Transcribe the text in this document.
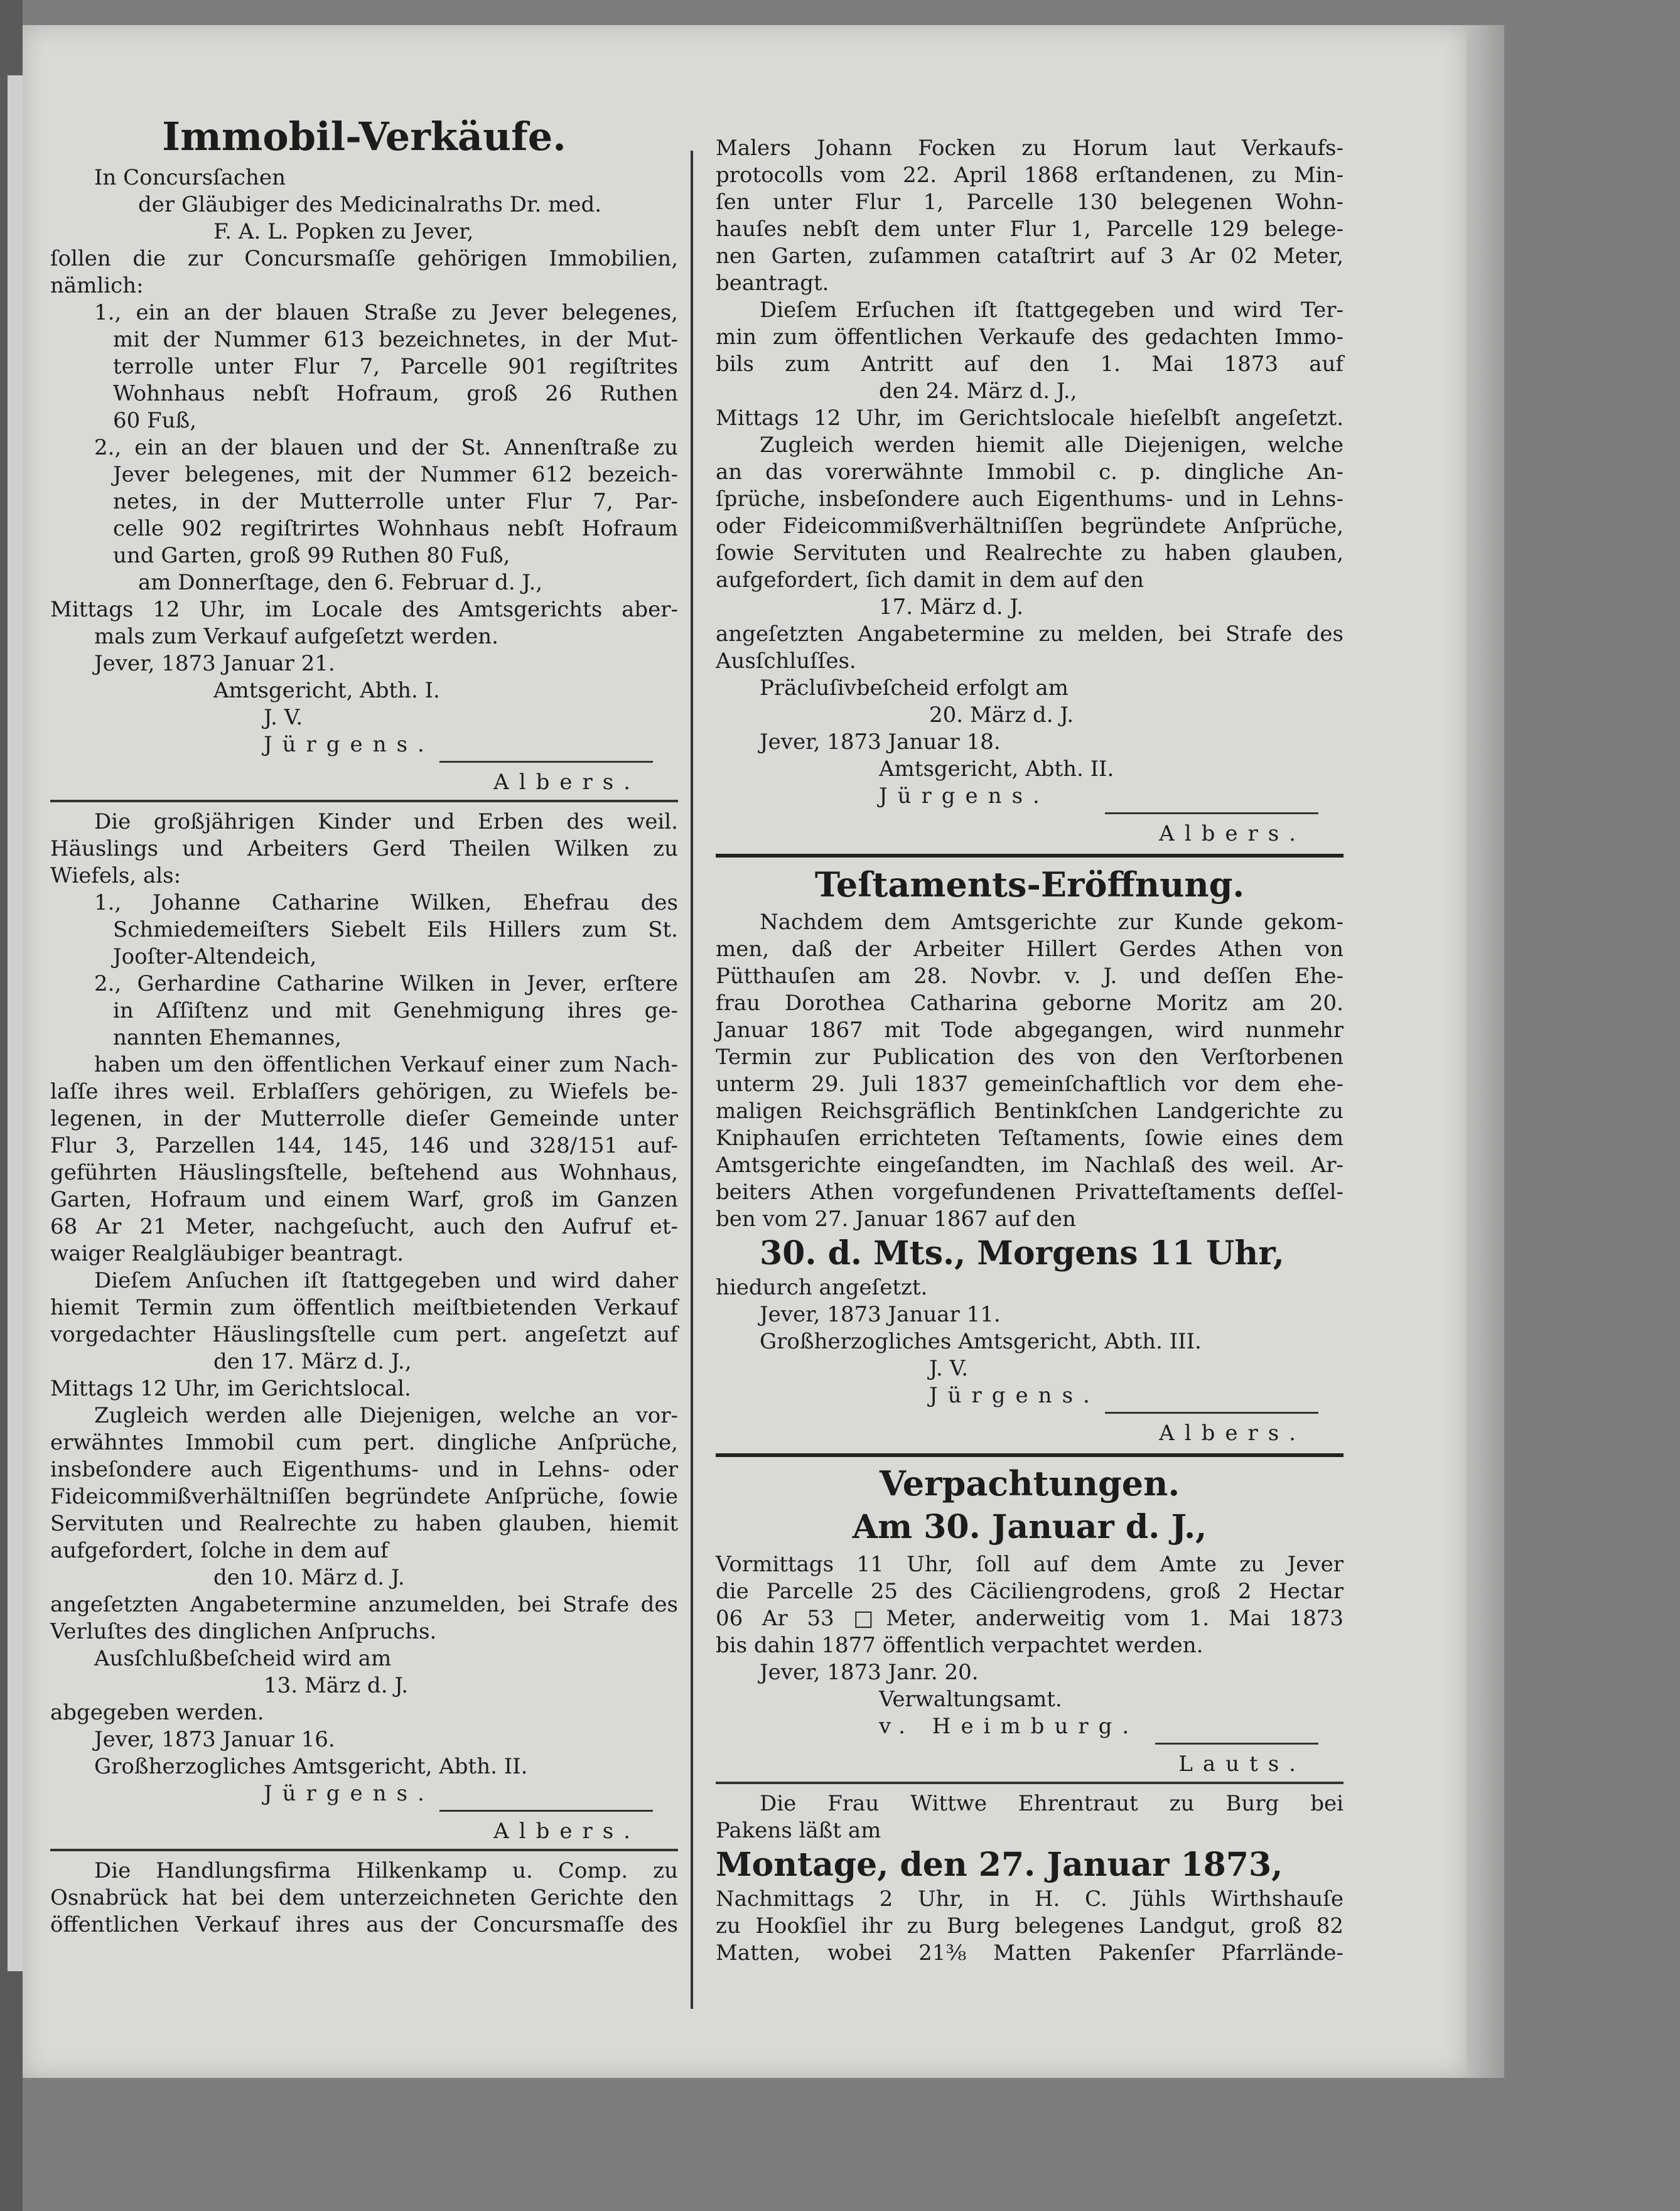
Immobil-Verkäufe.
In Concursſachen
der Gläubiger des Medicinalraths Dr. med.
F. A. L. Popken zu Jever,
ſollen die zur Concursmaſſe gehörigen Immobilien,
nämlich:
1., ein an der blauen Straße zu Jever belegenes,
mit der Nummer 613 bezeichnetes, in der Mut-
terrolle unter Flur 7, Parcelle 901 regiſtrites
Wohnhaus nebſt Hofraum, groß 26 Ruthen
60 Fuß,
2., ein an der blauen und der St. Annenſtraße zu
Jever belegenes, mit der Nummer 612 bezeich-
netes, in der Mutterrolle unter Flur 7, Par-
celle 902 regiſtrirtes Wohnhaus nebſt Hofraum
und Garten, groß 99 Ruthen 80 Fuß,
am Donnerſtage, den 6. Februar d. J.,
Mittags 12 Uhr, im Locale des Amtsgerichts aber-
mals zum Verkauf aufgeſetzt werden.
Jever, 1873 Januar 21.
Amtsgericht, Abth. I.
J. V.
Jürgens.
Albers.
Die großjährigen Kinder und Erben des weil.
Häuslings und Arbeiters Gerd Theilen Wilken zu
Wiefels, als:
1., Johanne Catharine Wilken, Ehefrau des
Schmiedemeiſters Siebelt Eils Hillers zum St.
Jooſter-Altendeich,
2., Gerhardine Catharine Wilken in Jever, erſtere
in Aſſiſtenz und mit Genehmigung ihres ge-
nannten Ehemannes,
haben um den öffentlichen Verkauf einer zum Nach-
laſſe ihres weil. Erblaſſers gehörigen, zu Wiefels be-
legenen, in der Mutterrolle dieſer Gemeinde unter
Flur 3, Parzellen 144, 145, 146 und 328/151 auf-
geführten Häuslingsſtelle, beſtehend aus Wohnhaus,
Garten, Hofraum und einem Warf, groß im Ganzen
68 Ar 21 Meter, nachgeſucht, auch den Aufruf et-
waiger Realgläubiger beantragt.
Dieſem Anſuchen iſt ſtattgegeben und wird daher
hiemit Termin zum öffentlich meiſtbietenden Verkauf
vorgedachter Häuslingsſtelle cum pert. angeſetzt auf
den 17. März d. J.,
Mittags 12 Uhr, im Gerichtslocal.
Zugleich werden alle Diejenigen, welche an vor-
erwähntes Immobil cum pert. dingliche Anſprüche,
insbeſondere auch Eigenthums- und in Lehns- oder
Fideicommißverhältniſſen begründete Anſprüche, ſowie
Servituten und Realrechte zu haben glauben, hiemit
aufgefordert, ſolche in dem auf
den 10. März d. J.
angeſetzten Angabetermine anzumelden, bei Strafe des
Verluſtes des dinglichen Anſpruchs.
Ausſchlußbeſcheid wird am
13. März d. J.
abgegeben werden.
Jever, 1873 Januar 16.
Großherzogliches Amtsgericht, Abth. II.
Jürgens.
Albers.
Die Handlungsfirma Hilkenkamp u. Comp. zu
Osnabrück hat bei dem unterzeichneten Gerichte den
öffentlichen Verkauf ihres aus der Concursmaſſe des
Malers Johann Focken zu Horum laut Verkaufs-
protocolls vom 22. April 1868 erſtandenen, zu Min-
ſen unter Flur 1, Parcelle 130 belegenen Wohn-
hauſes nebſt dem unter Flur 1, Parcelle 129 belege-
nen Garten, zuſammen cataſtrirt auf 3 Ar 02 Meter,
beantragt.
Dieſem Erſuchen iſt ſtattgegeben und wird Ter-
min zum öffentlichen Verkaufe des gedachten Immo-
bils zum Antritt auf den 1. Mai 1873 auf
den 24. März d. J.,
Mittags 12 Uhr, im Gerichtslocale hieſelbſt angeſetzt.
Zugleich werden hiemit alle Diejenigen, welche
an das vorerwähnte Immobil c. p. dingliche An-
ſprüche, insbeſondere auch Eigenthums- und in Lehns-
oder Fideicommißverhältniſſen begründete Anſprüche,
ſowie Servituten und Realrechte zu haben glauben,
aufgefordert, ſich damit in dem auf den
17. März d. J.
angeſetzten Angabetermine zu melden, bei Strafe des
Ausſchluſſes.
Präcluſivbeſcheid erfolgt am
20. März d. J.
Jever, 1873 Januar 18.
Amtsgericht, Abth. II.
Jürgens.
Albers.
Teſtaments-Eröffnung.
Nachdem dem Amtsgerichte zur Kunde gekom-
men, daß der Arbeiter Hillert Gerdes Athen von
Pütthauſen am 28. Novbr. v. J. und deſſen Ehe-
frau Dorothea Catharina geborne Moritz am 20.
Januar 1867 mit Tode abgegangen, wird nunmehr
Termin zur Publication des von den Verſtorbenen
unterm 29. Juli 1837 gemeinſchaftlich vor dem ehe-
maligen Reichsgräflich Bentinkſchen Landgerichte zu
Kniphauſen errichteten Teſtaments, ſowie eines dem
Amtsgerichte eingeſandten, im Nachlaß des weil. Ar-
beiters Athen vorgefundenen Privatteſtaments deſſel-
ben vom 27. Januar 1867 auf den
30. d. Mts., Morgens 11 Uhr,
hiedurch angeſetzt.
Jever, 1873 Januar 11.
Großherzogliches Amtsgericht, Abth. III.
J. V.
Jürgens.
Albers.
Verpachtungen.
Am 30. Januar d. J.,
Vormittags 11 Uhr, ſoll auf dem Amte zu Jever
die Parcelle 25 des Cäciliengrodens, groß 2 Hectar
06 Ar 53 □Meter, anderweitig vom 1. Mai 1873
bis dahin 1877 öffentlich verpachtet werden.
Jever, 1873 Janr. 20.
Verwaltungsamt.
v. Heimburg.
Lauts.
Die Frau Wittwe Ehrentraut zu Burg bei
Pakens läßt am
Montage, den 27. Januar 1873,
Nachmittags 2 Uhr, in H. C. Jühls Wirthshauſe
zu Hookſiel ihr zu Burg belegenes Landgut, groß 82
Matten, wobei 21⅜ Matten Pakenſer Pfarrlände-
